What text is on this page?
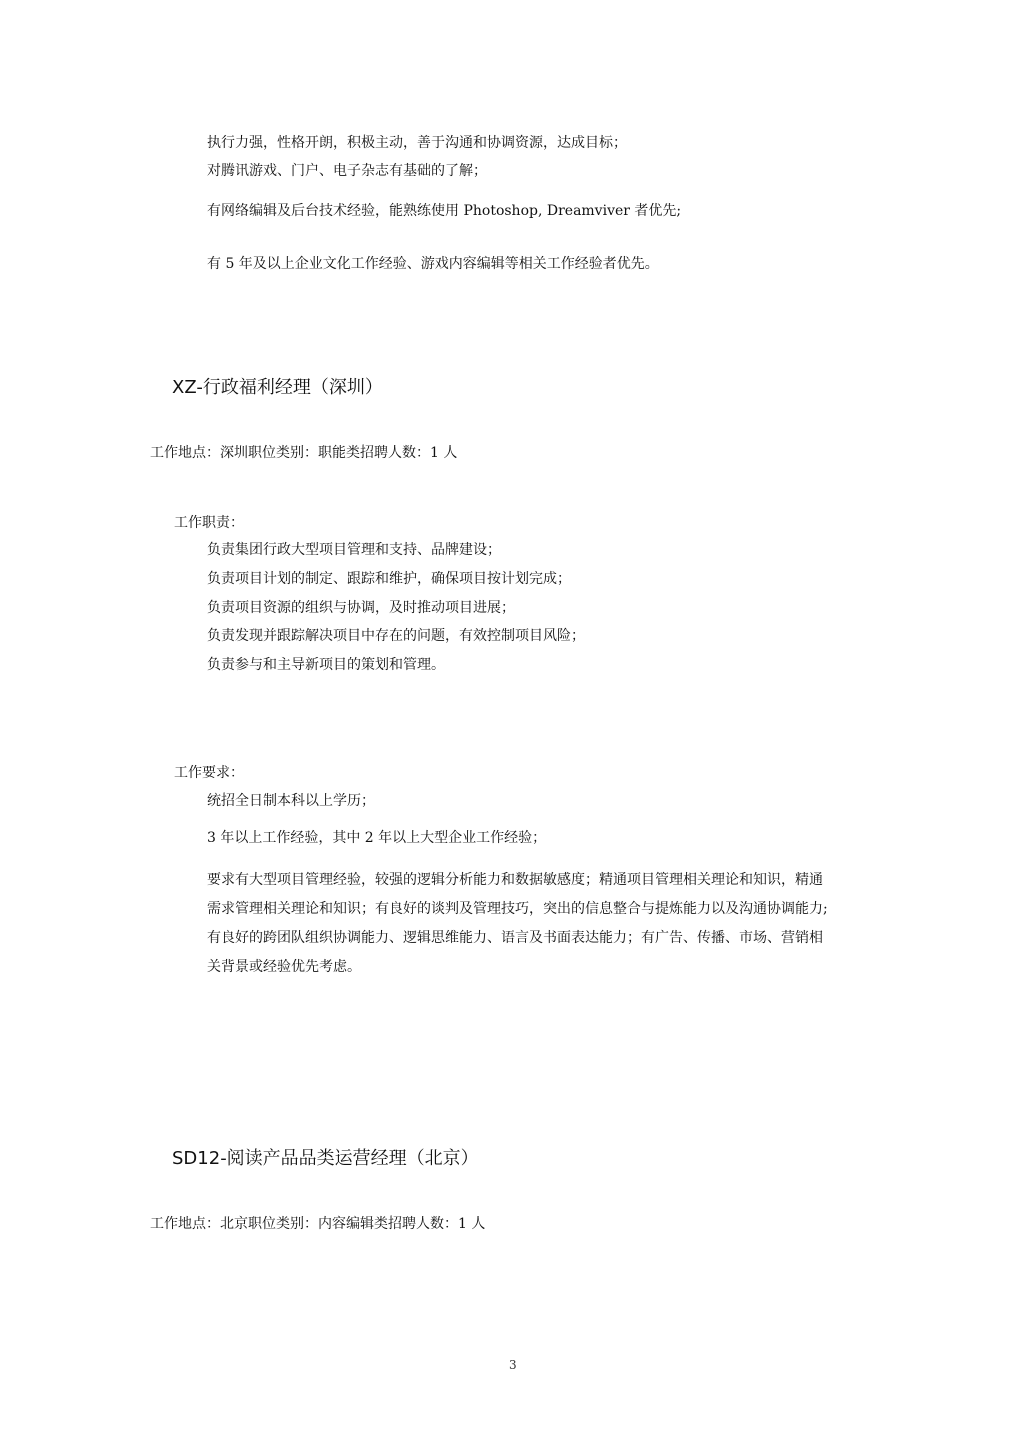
执行力强，性格开朗，积极主动，善于沟通和协调资源，达成目标；
对腾讯游戏、门户、电子杂志有基础的了解；
有网络编辑及后台技术经验，能熟练使用 Photoshop, Dreamviver 者优先;
有 5 年及以上企业文化工作经验、游戏内容编辑等相关工作经验者优先。
XZ-行政福利经理（深圳）
工作地点：深圳职位类别：职能类招聘人数：1 人
工作职责：
负责集团行政大型项目管理和支持、品牌建设；
负责项目计划的制定、跟踪和维护，确保项目按计划完成；
负责项目资源的组织与协调，及时推动项目进展；
负责发现并跟踪解决项目中存在的问题，有效控制项目风险；
负责参与和主导新项目的策划和管理。
工作要求：
统招全日制本科以上学历；
3 年以上工作经验，其中 2 年以上大型企业工作经验；
要求有大型项目管理经验，较强的逻辑分析能力和数据敏感度；精通项目管理相关理论和知识，精通
需求管理相关理论和知识；有良好的谈判及管理技巧，突出的信息整合与提炼能力以及沟通协调能力;
有良好的跨团队组织协调能力、逻辑思维能力、语言及书面表达能力；有广告、传播、市场、营销相
关背景或经验优先考虑。
SD12-阅读产品品类运营经理（北京）
工作地点：北京职位类别：内容编辑类招聘人数：1 人
3
